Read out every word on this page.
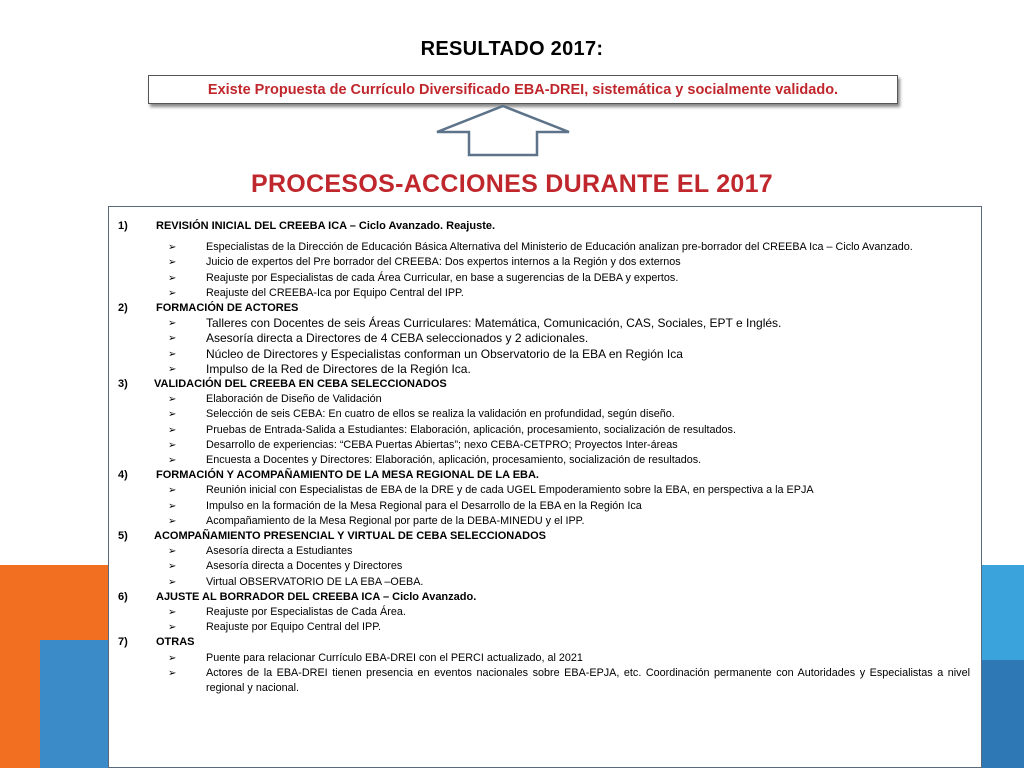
RESULTADO 2017:
Existe Propuesta de Currículo Diversificado EBA-DREI, sistemática y socialmente validado.
PROCESOS-ACCIONES DURANTE EL 2017
1)	REVISIÓN INICIAL DEL CREEBA ICA – Ciclo Avanzado. Reajuste.
➢	Especialistas de la Dirección de Educación Básica Alternativa del Ministerio de Educación analizan pre-borrador del CREEBA Ica – Ciclo Avanzado.
➢	Juicio de expertos del Pre borrador del CREEBA: Dos expertos internos a la Región y dos externos
➢	Reajuste por Especialistas de cada Área Curricular, en base a sugerencias de la DEBA y expertos.
➢	Reajuste del CREEBA-Ica por Equipo Central del IPP.
2)	FORMACIÓN DE ACTORES
➢	Talleres con Docentes de seis Áreas Curriculares: Matemática, Comunicación, CAS, Sociales, EPT e Inglés.
➢	Asesoría directa a Directores de 4 CEBA seleccionados y 2 adicionales.
➢	Núcleo de Directores y Especialistas conforman un Observatorio de la EBA en Región Ica
➢	Impulso de la Red de Directores de la Región Ica.
3)	VALIDACIÓN DEL CREEBA EN CEBA SELECCIONADOS
➢	Elaboración de Diseño de Validación
➢	Selección de seis CEBA: En cuatro de ellos se realiza la validación en profundidad, según diseño.
➢	Pruebas de Entrada-Salida a Estudiantes: Elaboración, aplicación, procesamiento, socialización de resultados.
➢	Desarrollo de experiencias: “CEBA Puertas Abiertas”; nexo CEBA-CETPRO; Proyectos Inter-áreas
➢	Encuesta a Docentes y Directores: Elaboración, aplicación, procesamiento, socialización de resultados.
4)	FORMACIÓN Y ACOMPAÑAMIENTO DE LA MESA REGIONAL DE LA EBA.
➢	Reunión inicial con Especialistas de EBA de la DRE y de cada UGEL Empoderamiento sobre la EBA, en perspectiva a la EPJA
➢	Impulso en la formación de la Mesa Regional para el Desarrollo de la EBA en la Región Ica
➢	Acompañamiento de la Mesa Regional por parte de la DEBA-MINEDU y el IPP.
5)	ACOMPAÑAMIENTO PRESENCIAL Y VIRTUAL DE CEBA SELECCIONADOS
➢	Asesoría directa a Estudiantes
➢	Asesoría directa a Docentes y Directores
➢	Virtual OBSERVATORIO DE LA EBA –OEBA.
6)	AJUSTE AL BORRADOR DEL CREEBA ICA – Ciclo Avanzado.
➢	Reajuste por Especialistas de Cada Área.
➢	Reajuste por Equipo Central del IPP.
7)	OTRAS
➢	Puente para relacionar Currículo EBA-DREI con el PERCI actualizado, al 2021
➢	Actores de la EBA-DREI tienen presencia en eventos nacionales sobre EBA-EPJA, etc. Coordinación permanente con Autoridades y Especialistas a nivel regional y nacional.
